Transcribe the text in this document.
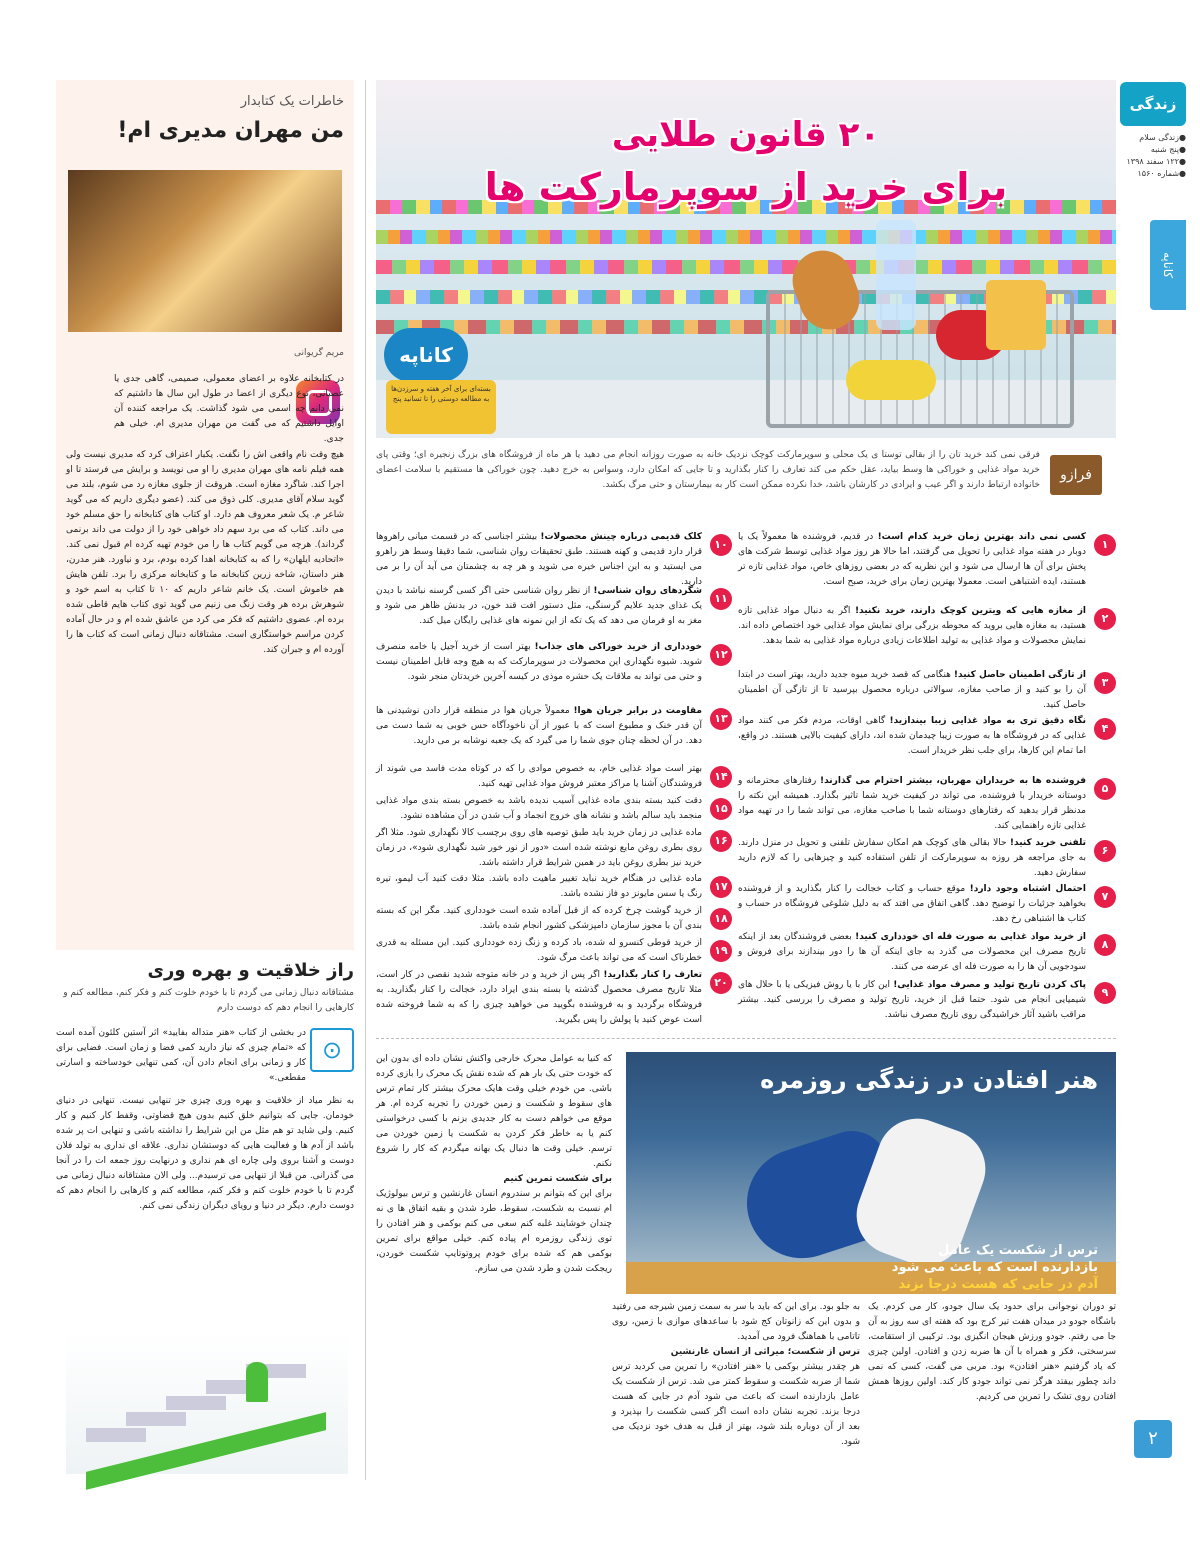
زندگی
●زندگی سلام
●پنج شنبه
●۱۲۲ سفند ۱۳۹۸
●شماره ۱۵۶۰
کاناپه
۲۰ قانون طلایی
برای خرید از سوپرمارکت ها
کاناپه
بسته‌ای برای آخر هفته و سرزدن‌ها به مطالعه دوستی را تا تسانید پنج
فرقی نمی کند خرید تان را از بقالی توستا ی یک محلی و سوپرمارکت کوچک نزدیک خانه به صورت روزانه انجام می دهید یا هر ماه از فروشگاه های بزرگ زنجیره ای؛ وقتی پای خرید مواد غذایی و خوراکی ها وسط بیاید، عقل حکم می کند تعارف را کنار بگذارید و تا جایی که امکان دارد، وسواس به خرج دهید. چون خوراکی ها مستقیم با سلامت اعضای خانواده ارتباط دارند و اگر عیب و ایرادی در کارشان باشد، خدا نکرده ممکن است کار به بیمارستان و حتی مرگ بکشد.
فرازو
۱
کسی نمی داند بهترین زمان خرید کدام است! در قدیم، فروشنده ها معمولاً یک یا دوبار در هفته مواد غذایی را تحویل می گرفتند، اما حالا هر روز مواد غذایی توسط شرکت های پخش برای آن ها ارسال می شود و این نظریه که در بعضی روزهای خاص، مواد غذایی تازه تر هستند، ایده اشتباهی است. معمولا بهترین زمان برای خرید، صبح است.
۲
از مغازه هایی که ویترین کوچک دارند، خرید نکنید! اگر به دنبال مواد غذایی تازه هستید، به مغازه هایی بروید که محوطه بزرگی برای نمایش مواد غذایی خود اختصاص داده اند. نمایش محصولات و مواد غذایی به تولید اطلاعات زیادی درباره مواد غذایی به شما بدهد.
۳
از تازگی اطمینان حاصل کنید! هنگامی که قصد خرید میوه جدید دارید، بهتر است در ابتدا آن را بو کنید و از صاحب مغازه، سوالاتی درباره محصول بپرسید تا از تازگی آن اطمینان حاصل کنید.
۴
نگاه دقیق تری به مواد غذایی زیبا بیندازید! گاهی اوقات، مردم فکر می کنند مواد غذایی که در فروشگاه ها به صورت زیبا چیدمان شده اند، دارای کیفیت بالایی هستند. در واقع، اما تمام این کارها، برای جلب نظر خریدار است.
۵
فروشنده ها به خریداران مهربان، بیشتر احترام می گذارند! رفتارهای محترمانه و دوستانه خریدار با فروشنده، می تواند در کیفیت خرید شما تاثیر بگذارد. همیشه این نکته را مدنظر قرار بدهید که رفتارهای دوستانه شما با صاحب مغازه، می تواند شما را در تهیه مواد غذایی تازه راهنمایی کند.
۶
تلفنی خرید کنید! حالا بقالی های کوچک هم امکان سفارش تلفنی و تحویل در منزل دارند. به جای مراجعه هر روزه به سوپرمارکت از تلفن استفاده کنید و چیزهایی را که لازم دارید سفارش دهید.
۷
احتمال اشتباه وجود دارد! موقع حساب و کتاب خجالت را کنار بگذارید و از فروشنده بخواهید جزئیات را توضیح دهد. گاهی اتفاق می افتد که به دلیل شلوغی فروشگاه در حساب و کتاب ها اشتباهی رخ دهد.
۸
از خرید مواد غذایی به صورت فله ای خودداری کنید! بعضی فروشندگان بعد از اینکه تاریخ مصرف این محصولات می گذرد به جای اینکه آن ها را دور بیندازند برای فروش و سودجویی آن ها را به صورت فله ای عرضه می کنند.
۹
پاک کردن تاریخ تولید و مصرف مواد غذایی! این کار با یا روش فیزیکی یا با حلال های شیمیایی انجام می شود. حتما قبل از خرید، تاریخ تولید و مصرف را بررسی کنید. بیشتر مراقب باشید آثار خراشیدگی روی تاریخ مصرف نباشد.
۱۰
کلک قدیمی درباره چینش محصولات! بیشتر اجناسی که در قسمت میانی راهروها قرار دارد قدیمی و کهنه هستند. طبق تحقیقات روان شناسی، شما دقیقا وسط هر راهرو می ایستید و به این اجناس خیره می شوید و هر چه به چشمتان می آید آن را بر می دارید.
۱۱
شگردهای روان شناسی! از نظر روان شناسی حتی اگر کسی گرسنه نباشد با دیدن یک غذای جدید علایم گرسنگی، مثل دستور افت قند خون، در بدنش ظاهر می شود و مغز به او فرمان می دهد که یک تکه از این نمونه های غذایی رایگان میل کند.
۱۲
خودداری از خرید خوراکی های جذاب! بهتر است از خرید آجیل یا خامه منصرف شوید. شیوه نگهداری این محصولات در سوپرمارکت که به هیچ وجه قابل اطمینان نیست و حتی می تواند به ملاقات یک حشره موذی در کیسه آخرین خریدتان منجر شود.
۱۳
مقاومت در برابر جریان هوا! معمولاً جریان هوا در منطقه قرار دادن نوشیدنی ها آن قدر خنک و مطبوع است که با عبور از آن ناخودآگاه حس خوبی به شما دست می دهد. در آن لحظه چنان جوی شما را می گیرد که یک جعبه نوشابه بر می دارید.
۱۴
بهتر است مواد غذایی خام، به خصوص موادی را که در کوتاه مدت فاسد می شوند از فروشندگان آشنا یا مراکز معتبر فروش مواد غذایی تهیه کنید.
۱۵
دقت کنید بسته بندی ماده غذایی آسیب ندیده باشد به خصوص بسته بندی مواد غذایی منجمد باید سالم باشد و نشانه های خروج انجماد و آب شدن در آن مشاهده نشود.
۱۶
ماده غذایی در زمان خرید باید طبق توصیه های روی برچسب کالا نگهداری شود. مثلا اگر روی بطری روغن مایع نوشته شده است «دور از نور خور شید نگهداری شود»، در زمان خرید نیز بطری روغن باید در همین شرایط قرار داشته باشد.
۱۷
ماده غذایی در هنگام خرید نباید تغییر ماهیت داده باشد. مثلا دقت کنید آب لیمو، تیره رنگ یا سس مایونز دو فاز نشده باشد.
۱۸
از خرید گوشت چرخ کرده که از قبل آماده شده است خودداری کنید. مگر این که بسته بندی آن با مجوز سازمان دامپزشکی کشور انجام شده باشد.
۱۹
از خرید قوطی کنسرو له شده، باد کرده و زنگ زده خودداری کنید. این مسئله به قدری خطرناک است که می تواند باعث مرگ شود.
۲۰
تعارف را کنار بگذارید! اگر پس از خرید و در خانه متوجه شدید نقصی در کار است، مثلا تاریخ مصرف محصول گذشته یا بسته بندی ایراد دارد، خجالت را کنار بگذارید. به فروشگاه برگردید و به فروشنده بگویید می خواهید چیزی را که به شما فروخته شده است عوض کنید یا پولش را پس بگیرید.
خاطرات یک کتابدار
من مهران مدیری ام!
مریم گریوانی
در کتابخانه علاوه بر اعضای معمولی، صمیمی، گاهی جدی یا عصبانی، نوع دیگری از اعضا در طول این سال ها داشتیم که نمی دانم چه اسمی می شود گذاشت. یک مراجعه کننده آن اوایل داشتیم که می گفت من مهران مدیری ام. خیلی هم جدی.
هیچ وقت نام واقعی اش را نگفت. یکبار اعتراف کرد که مدیری نیست ولی همه فیلم نامه های مهران مدیری را او می نویسد و برایش می فرستد تا او اجرا کند. شاگرد مغازه است. هروقت از جلوی مغازه رد می شوم، بلند می گوید سلام آقای مدیری. کلی ذوق می کند. (عضو دیگری داریم که می گوید شاعر م. یک شعر معروف هم دارد. او کتاب های کتابخانه را حق مسلم خود می داند. کتاب که می برد سهم داد خواهی خود را از دولت می داند برنمی گرداند). هرچه می گویم کتاب ها را من خودم تهیه کرده ام قبول نمی کند. «اتحادیه ایلهان» را که به کتابخانه اهدا کرده بودم، برد و نیاورد. هنر مدرن، هنر داستان، شاخه زرین کتابخانه ما و کتابخانه مرکزی را برد. تلفن هایش هم خاموش است. یک خانم شاعر داریم که ۱۰ تا کتاب به اسم خود و شوهرش برده هر وقت زنگ می زنیم می گوید توی کتاب هایم قاطی شده برده ام. عضوی داشتیم که فکر می کرد من عاشق شده ام و در حال آماده کردن مراسم خواستگاری است. مشتاقانه دنبال زمانی است که کتاب ها را آورده ام و جبران کند.
راز خلاقیت و بهره وری
مشتاقانه دنبال زمانی می گردم تا با خودم خلوت کنم و فکر کنم، مطالعه کنم و کارهایی را انجام دهم که دوست دارم
⊙
در بخشی از کتاب «هنر متداله بفایید» اثر آستین کلئون آمده است که «تمام چیزی که نیاز دارید کمی فضا و زمان است. فضایی برای کار و زمانی برای انجام دادن آن، کمی تنهایی خودساخته و اسارتی مقطعی.»
به نظر میاد از خلاقیت و بهره وری چیزی جز تنهایی نیست. تنهایی در دنیای خودمان. جایی که بتوانیم خلق کنیم بدون هیچ قضاوتی، وقفط کار کنیم و کار کنیم. ولی شاید تو هم مثل من این شرایط را نداشته باشی و تنهایی ات پر شده باشد از آدم ها و فعالیت هایی که دوستشان نداری. علاقه ای نداری به تولد فلان دوست و آشنا بروی ولی چاره ای هم نداری و درنهایت روز جمعه ات را در آنجا می گذرانی. من قبلا از تنهایی می ترسیدم... ولی الان مشتاقانه دنبال زمانی می گردم تا با خودم خلوت کنم و فکر کنم، مطالعه کنم و کارهایی را انجام دهم که دوست دارم. دیگر در دنیا و رویای دیگران زندگی نمی کنم.
هنر افتادن در زندگی روزمره
ترس از شکست یک عامل
بازدارنده است که باعث می شود
آدم در جایی که هست درجا بزند
تو دوران نوجوانی برای حدود یک سال جودو، کار می کردم. یک باشگاه جودو در میدان هفت تیر کرج بود که هفته ای سه روز به آن جا می رفتم. جودو ورزش هیجان انگیزی بود. ترکیبی از استقامت، سرسختی، فکر و همراه با آن ها ضربه زدن و افتادن. اولین چیزی که یاد گرفتیم «هنر افتادن» بود. مربی می گفت، کسی که نمی داند چطور بیفتد هرگز نمی تواند جودو کار کند. اولین روزها همش افتادن روی تشک را تمرین می کردیم.
به جلو بود. برای این که باید با سر به سمت زمین شیرجه می رفتید و بدون این که زانوتان کج شود با ساعدهای موازی با زمین، روی تاتامی با هماهنگ فرود می آمدید.
ترس از شکست؛ میراثی از انسان غارنشین
هر چقدر بیشتر بوکمی یا «هنر افتادن» را تمرین می کردید ترس شما از ضربه شکست و سقوط کمتر می شد. ترس از شکست یک عامل بازدارنده است که باعث می شود آدم در جایی که هست درجا بزند. تجربه نشان داده است اگر کسی شکست را بپذیرد و بعد از آن دوباره بلند شود، بهتر از قبل به هدف خود نزدیک می شود.
که کنیا به عوامل محرک خارجی واکنش نشان داده ای بدون این که خودت حتی یک بار هم که شده نقش یک محرک را بازی کرده باشی. من خودم خیلی وقت هایک محرک بیشتر کار تمام ترس های سقوط و شکست و زمین خوردن را تجربه کرده ام. هر موقع می خواهم دست به کار جدیدی بزنم با کسی درخواستی کنم یا به خاطر فکر کردن به شکست یا زمین خوردن می ترسم. خیلی وقت ها دنبال یک بهانه میگردم که کار را شروع نکنم.
برای شکست تمرین کنیم
برای این که بتوانم بر سندروم انسان غارنشین و ترس بیولوژیک ام نسبت به شکست، سقوط، طرد شدن و بقیه اتفاق ها ی نه چندان خوشایند غلبه کنم سعی می کنم بوکمی و هنر افتادن را توی زندگی روزمره ام پیاده کنم. خیلی مواقع برای تمرین بوکمی هم که شده برای خودم پروتوتایپ شکست خوردن، ریجکت شدن و طرد شدن می سازم.
۲
